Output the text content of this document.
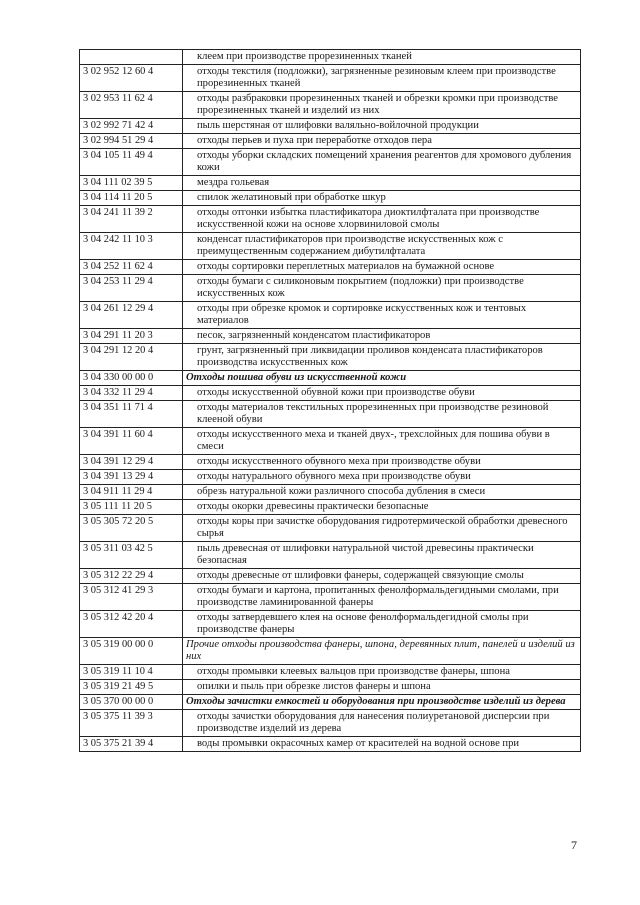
	клеем при производстве прорезиненных тканей
3 02 952 12 60 4	отходы текстиля (подложки), загрязненные резиновым клеем при производстве прорезиненных тканей
3 02 953 11 62 4	отходы разбраковки прорезиненных тканей и обрезки кромки при производстве прорезиненных тканей и изделий из них
3 02 992 71 42 4	пыль шерстяная от шлифовки валяльно-войлочной продукции
3 02 994 51 29 4	отходы перьев и пуха при переработке отходов пера
3 04 105 11 49 4	отходы уборки складских помещений хранения реагентов для хромового дубления кожи
3 04 111 02 39 5	мездра гольевая
3 04 114 11 20 5	спилок желатиновый при обработке шкур
3 04 241 11 39 2	отходы отгонки избытка пластификатора диоктилфталата при производстве искусственной кожи на основе хлорвиниловой смолы
3 04 242 11 10 3	конденсат пластификаторов при производстве искусственных кож с преимущественным содержанием дибутилфталата
3 04 252 11 62 4	отходы сортировки переплетных материалов на бумажной основе
3 04 253 11 29 4	отходы бумаги с силиконовым покрытием (подложки) при производстве искусственных кож
3 04 261 12 29 4	отходы при обрезке кромок и сортировке искусственных кож и тентовых материалов
3 04 291 11 20 3	песок, загрязненный конденсатом пластификаторов
3 04 291 12 20 4	грунт, загрязненный при ликвидации проливов конденсата пластификаторов производства искусственных кож
3 04 330 00 00 0	Отходы пошива обуви из искусственной кожи
3 04 332 11 29 4	отходы искусственной обувной кожи при производстве обуви
3 04 351 11 71 4	отходы материалов текстильных прорезиненных при производстве резиновой клееной обуви
3 04 391 11 60 4	отходы искусственного меха и тканей двух-, трехслойных для пошива обуви в смеси
3 04 391 12 29 4	отходы искусственного обувного меха при производстве обуви
3 04 391 13 29 4	отходы натурального обувного меха при производстве обуви
3 04 911 11 29 4	обрезь натуральной кожи различного способа дубления в смеси
3 05 111 11 20 5	отходы окорки древесины практически безопасные
3 05 305 72 20 5	отходы коры при зачистке оборудования гидротермической обработки древесного сырья
3 05 311 03 42 5	пыль древесная от шлифовки натуральной чистой древесины практически безопасная
3 05 312 22 29 4	отходы древесные от шлифовки фанеры, содержащей связующие смолы
3 05 312 41 29 3	отходы бумаги и картона, пропитанных фенолформальдегидными смолами, при производстве ламинированной фанеры
3 05 312 42 20 4	отходы затвердевшего клея на основе фенолформальдегидной смолы при производстве фанеры
3 05 319 00 00 0	Прочие отходы производства фанеры, шпона, деревянных плит, панелей и изделий из них
3 05 319 11 10 4	отходы промывки клеевых вальцов при производстве фанеры, шпона
3 05 319 21 49 5	опилки и пыль при обрезке листов фанеры и шпона
3 05 370 00 00 0	Отходы зачистки емкостей и оборудования при производстве изделий из дерева
3 05 375 11 39 3	отходы зачистки оборудования для нанесения полиуретановой дисперсии при производстве изделий из дерева
3 05 375 21 39 4	воды промывки окрасочных камер от красителей на водной основе при
7
